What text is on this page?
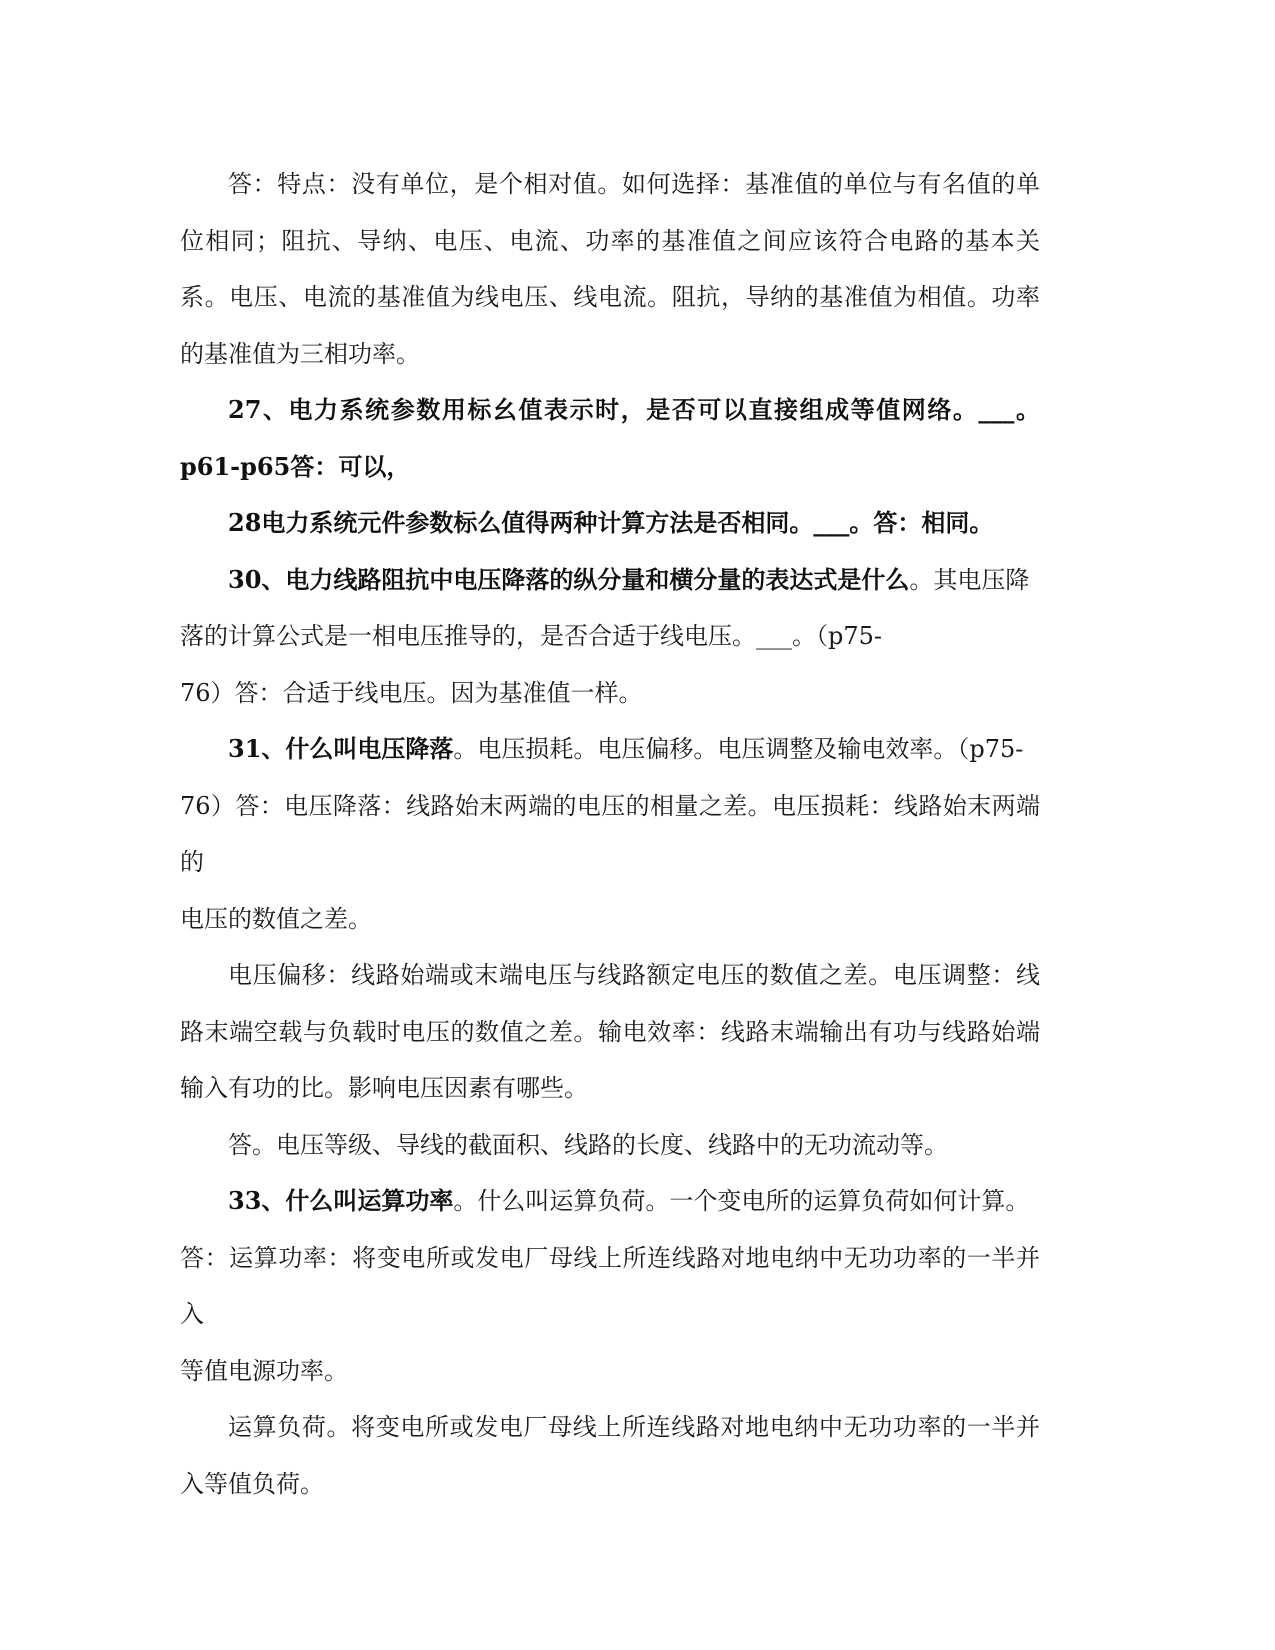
答：特点：没有单位，是个相对值。如何选择：基准值的单位与有名值的单位相同；阻抗、导纳、电压、电流、功率的基准值之间应该符合电路的基本关系。电压、电流的基准值为线电压、线电流。阻抗，导纳的基准值为相值。功率的基准值为三相功率。

27、电力系统参数用标幺值表示时，是否可以直接组成等值网络。___。p61-p65答：可以，

28电力系统元件参数标么值得两种计算方法是否相同。___。答：相同。

30、电力线路阻抗中电压降落的纵分量和横分量的表达式是什么。其电压降
落的计算公式是一相电压推导的，是否合适于线电压。___。（p75-
76）答：合适于线电压。因为基准值一样。

31、什么叫电压降落。电压损耗。电压偏移。电压调整及输电效率。（p75-
76）答：电压降落：线路始末两端的电压的相量之差。电压损耗：线路始末两端的
电压的数值之差。

电压偏移：线路始端或末端电压与线路额定电压的数值之差。电压调整：线路末端空载与负载时电压的数值之差。输电效率：线路末端输出有功与线路始端输入有功的比。影响电压因素有哪些。

答。电压等级、导线的截面积、线路的长度、线路中的无功流动等。

33、什么叫运算功率。什么叫运算负荷。一个变电所的运算负荷如何计算。
答：运算功率：将变电所或发电厂母线上所连线路对地电纳中无功功率的一半并入
等值电源功率。

运算负荷。将变电所或发电厂母线上所连线路对地电纳中无功功率的一半并入等值负荷。
